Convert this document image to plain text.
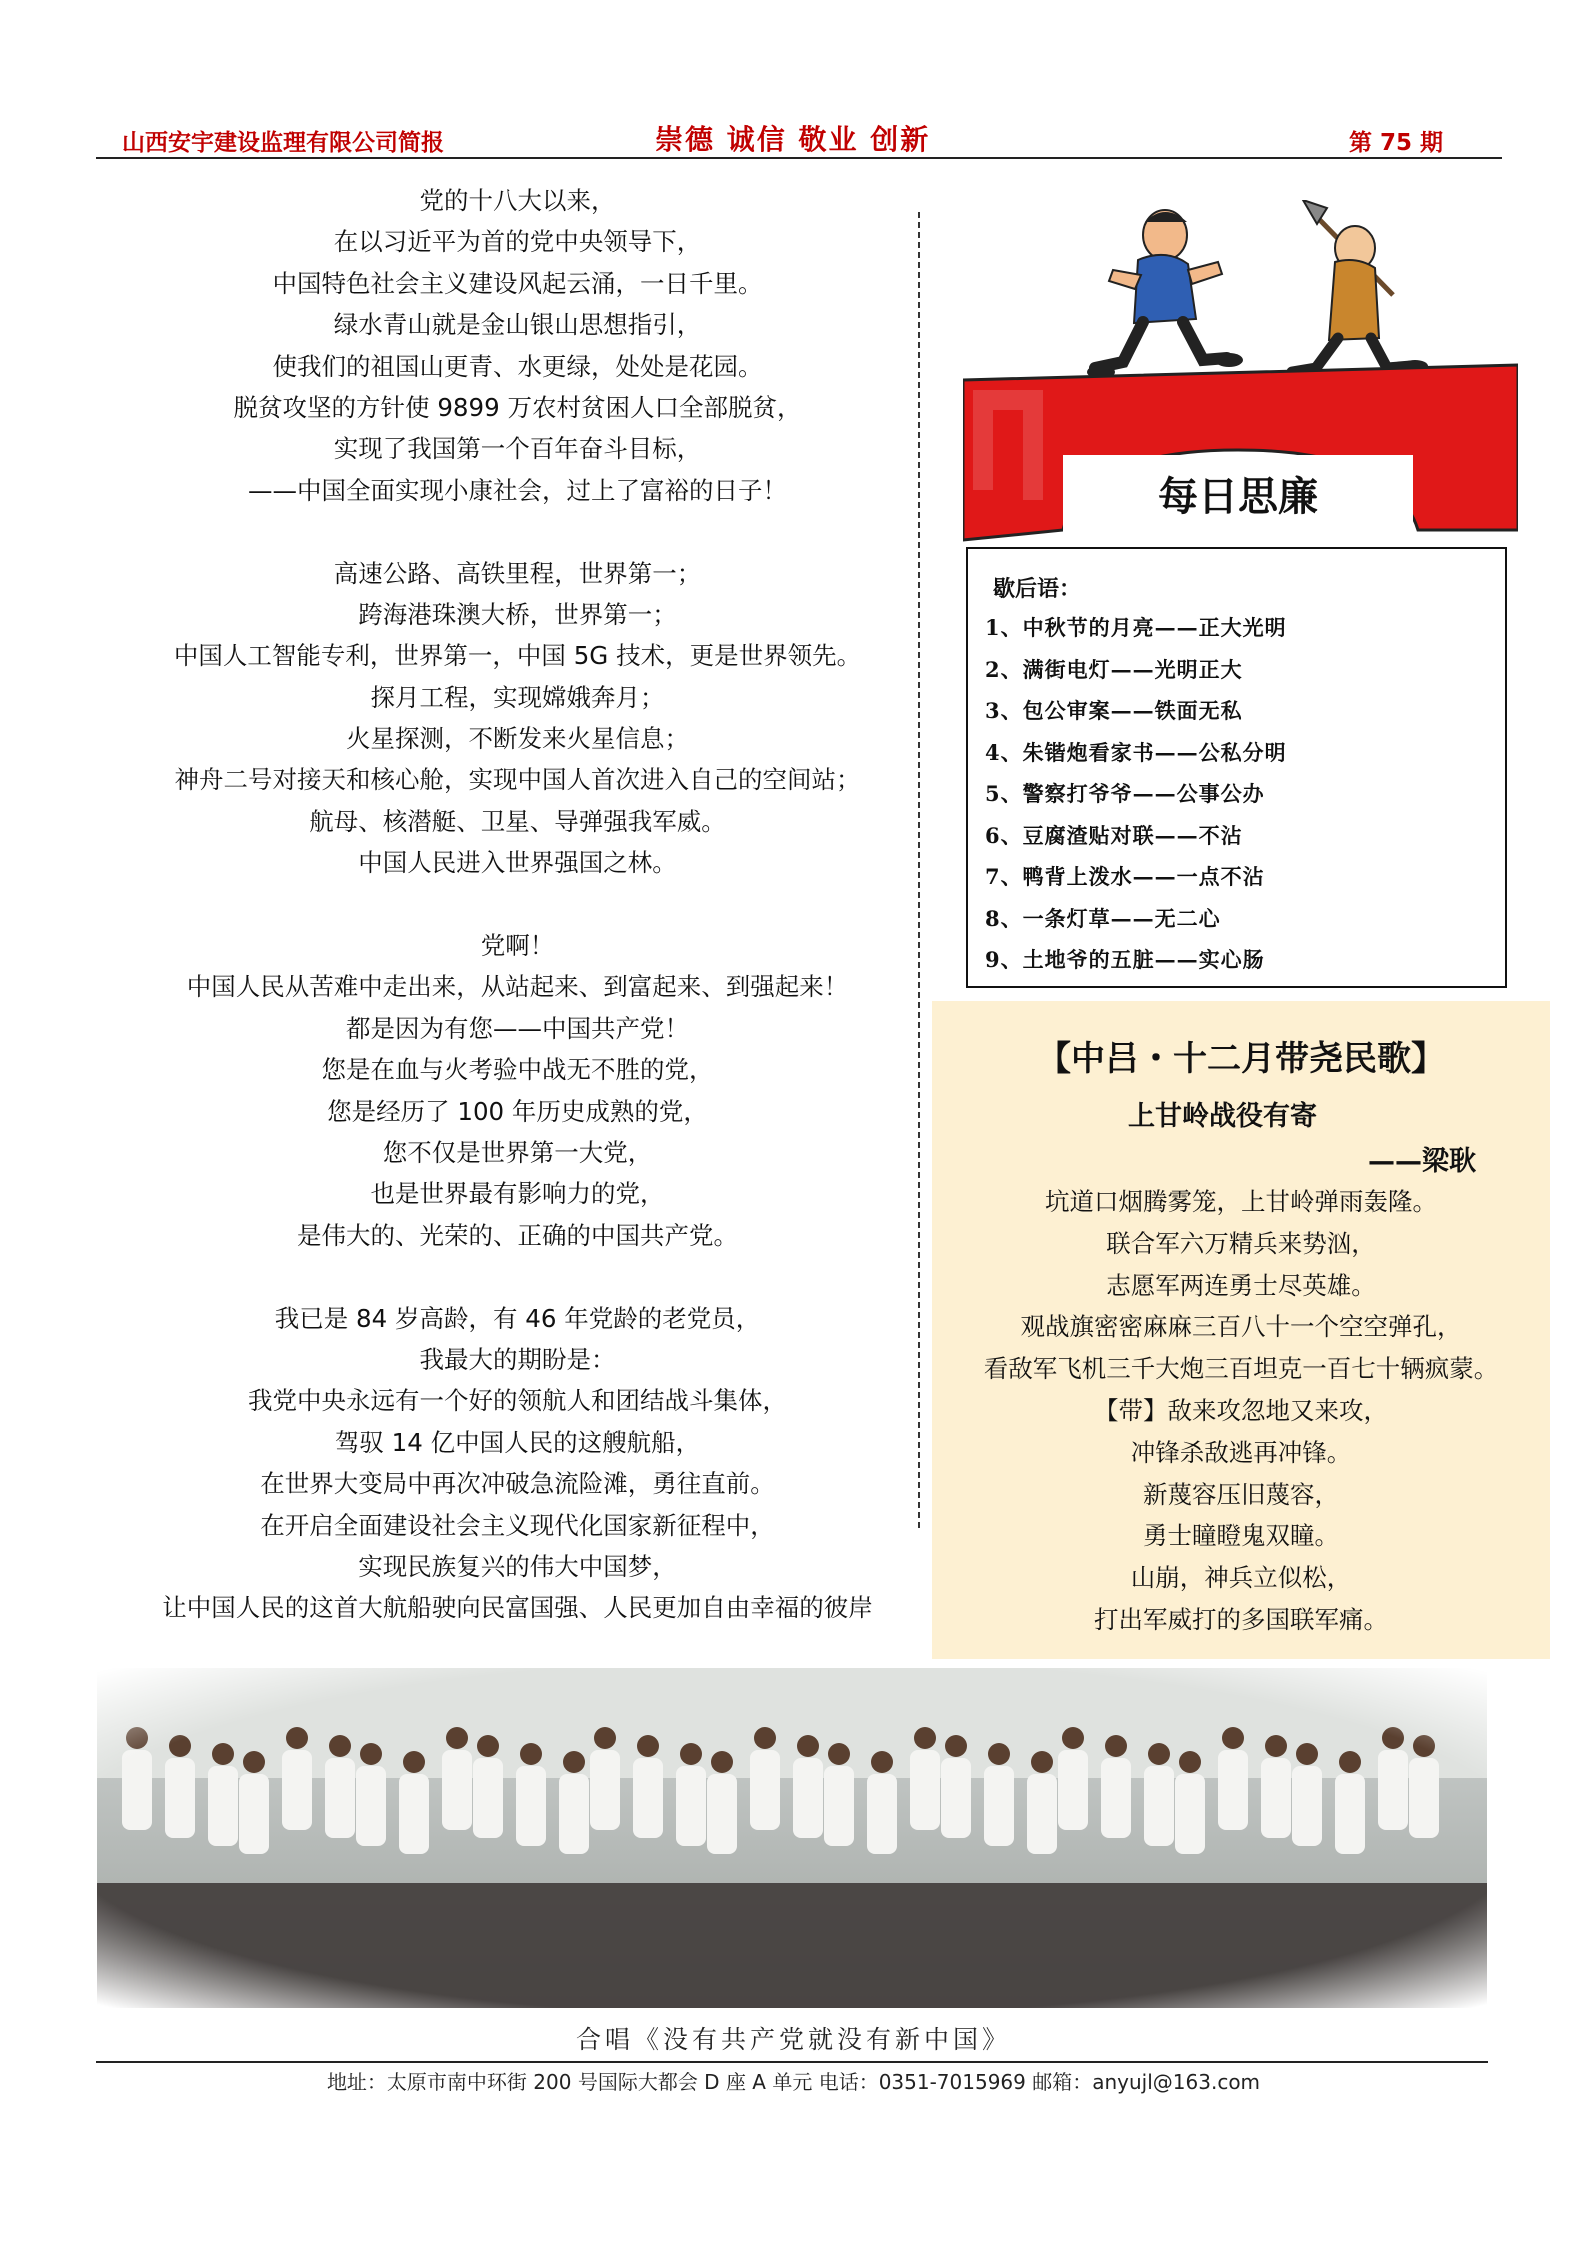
山西安宇建设监理有限公司简报	崇德 诚信 敬业 创新	第 75 期
党的十八大以来，
在以习近平为首的党中央领导下，
中国特色社会主义建设风起云涌，一日千里。
绿水青山就是金山银山思想指引，
使我们的祖国山更青、水更绿，处处是花园。
脱贫攻坚的方针使 9899 万农村贫困人口全部脱贫，
实现了我国第一个百年奋斗目标，
——中国全面实现小康社会，过上了富裕的日子！
高速公路、高铁里程，世界第一；
跨海港珠澳大桥，世界第一；
中国人工智能专利，世界第一，中国 5G 技术，更是世界领先。
探月工程，实现嫦娥奔月；
火星探测，不断发来火星信息；
神舟二号对接天和核心舱，实现中国人首次进入自己的空间站；
航母、核潜艇、卫星、导弹强我军威。
中国人民进入世界强国之林。
党啊！
中国人民从苦难中走出来，从站起来、到富起来、到强起来！
都是因为有您——中国共产党！
您是在血与火考验中战无不胜的党，
您是经历了 100 年历史成熟的党，
您不仅是世界第一大党，
也是世界最有影响力的党，
是伟大的、光荣的、正确的中国共产党。
我已是 84 岁高龄，有 46 年党龄的老党员，
我最大的期盼是：
我党中央永远有一个好的领航人和团结战斗集体，
驾驭 14 亿中国人民的这艘航船，
在世界大变局中再次冲破急流险滩，勇往直前。
在开启全面建设社会主义现代化国家新征程中，
实现民族复兴的伟大中国梦，
让中国人民的这首大航船驶向民富国强、人民更加自由幸福的彼岸
每日思廉
歇后语：
1、中秋节的月亮——正大光明
2、满街电灯——光明正大
3、包公审案——铁面无私
4、朱锴炮看家书——公私分明
5、警察打爷爷——公事公办
6、豆腐渣贴对联——不沾
7、鸭背上泼水——一点不沾
8、一条灯草——无二心
9、土地爷的五脏——实心肠
【中吕・十二月带尧民歌】
上甘岭战役有寄
——梁耿
坑道口烟腾雾笼，上甘岭弹雨轰隆。
联合军六万精兵来势汹，
志愿军两连勇士尽英雄。
观战旗密密麻麻三百八十一个空空弹孔，
看敌军飞机三千大炮三百坦克一百七十辆疯蒙。
【带】敌来攻忽地又来攻，
冲锋杀敌逃再冲锋。
新蔑容压旧蔑容，
勇士瞳瞪鬼双瞳。
山崩，神兵立似松，
打出军威打的多国联军痛。
合唱《没有共产党就没有新中国》
地址：太原市南中环街 200 号国际大都会 D 座 A 单元 电话：0351-7015969 邮箱：anyujl@163.com
